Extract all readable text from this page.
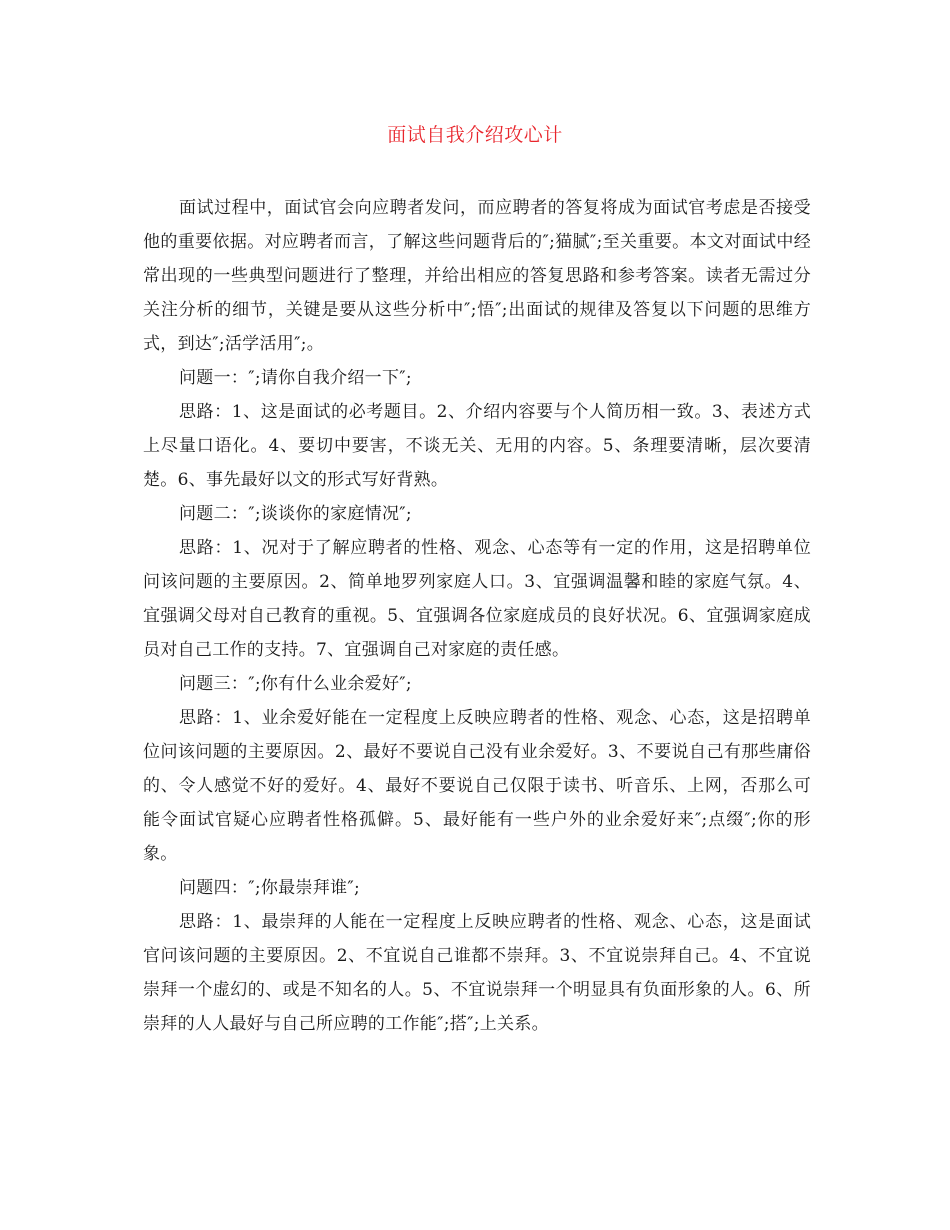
面试自我介绍攻心计

面试过程中，面试官会向应聘者发问，而应聘者的答复将成为面试官考虑是否接受他的重要依据。对应聘者而言，了解这些问题背后的″;猫腻″;至关重要。本文对面试中经常出现的一些典型问题进行了整理，并给出相应的答复思路和参考答案。读者无需过分关注分析的细节，关键是要从这些分析中″;悟″;出面试的规律及答复以下问题的思维方式，到达″;活学活用″;。

问题一：″;请你自我介绍一下″;

思路：1、这是面试的必考题目。2、介绍内容要与个人简历相一致。3、表述方式上尽量口语化。4、要切中要害，不谈无关、无用的内容。5、条理要清晰，层次要清楚。6、事先最好以文的形式写好背熟。

问题二：″;谈谈你的家庭情况″;

思路：1、况对于了解应聘者的性格、观念、心态等有一定的作用，这是招聘单位问该问题的主要原因。2、简单地罗列家庭人口。3、宜强调温馨和睦的家庭气氛。4、宜强调父母对自己教育的重视。5、宜强调各位家庭成员的良好状况。6、宜强调家庭成员对自己工作的支持。7、宜强调自己对家庭的责任感。

问题三：″;你有什么业余爱好″;

思路：1、业余爱好能在一定程度上反映应聘者的性格、观念、心态，这是招聘单位问该问题的主要原因。2、最好不要说自己没有业余爱好。3、不要说自己有那些庸俗的、令人感觉不好的爱好。4、最好不要说自己仅限于读书、听音乐、上网，否那么可能令面试官疑心应聘者性格孤僻。5、最好能有一些户外的业余爱好来″;点缀″;你的形象。

问题四：″;你最崇拜谁″;

思路：1、最崇拜的人能在一定程度上反映应聘者的性格、观念、心态，这是面试官问该问题的主要原因。2、不宜说自己谁都不崇拜。3、不宜说崇拜自己。4、不宜说崇拜一个虚幻的、或是不知名的人。5、不宜说崇拜一个明显具有负面形象的人。6、所崇拜的人人最好与自己所应聘的工作能″;搭″;上关系。
